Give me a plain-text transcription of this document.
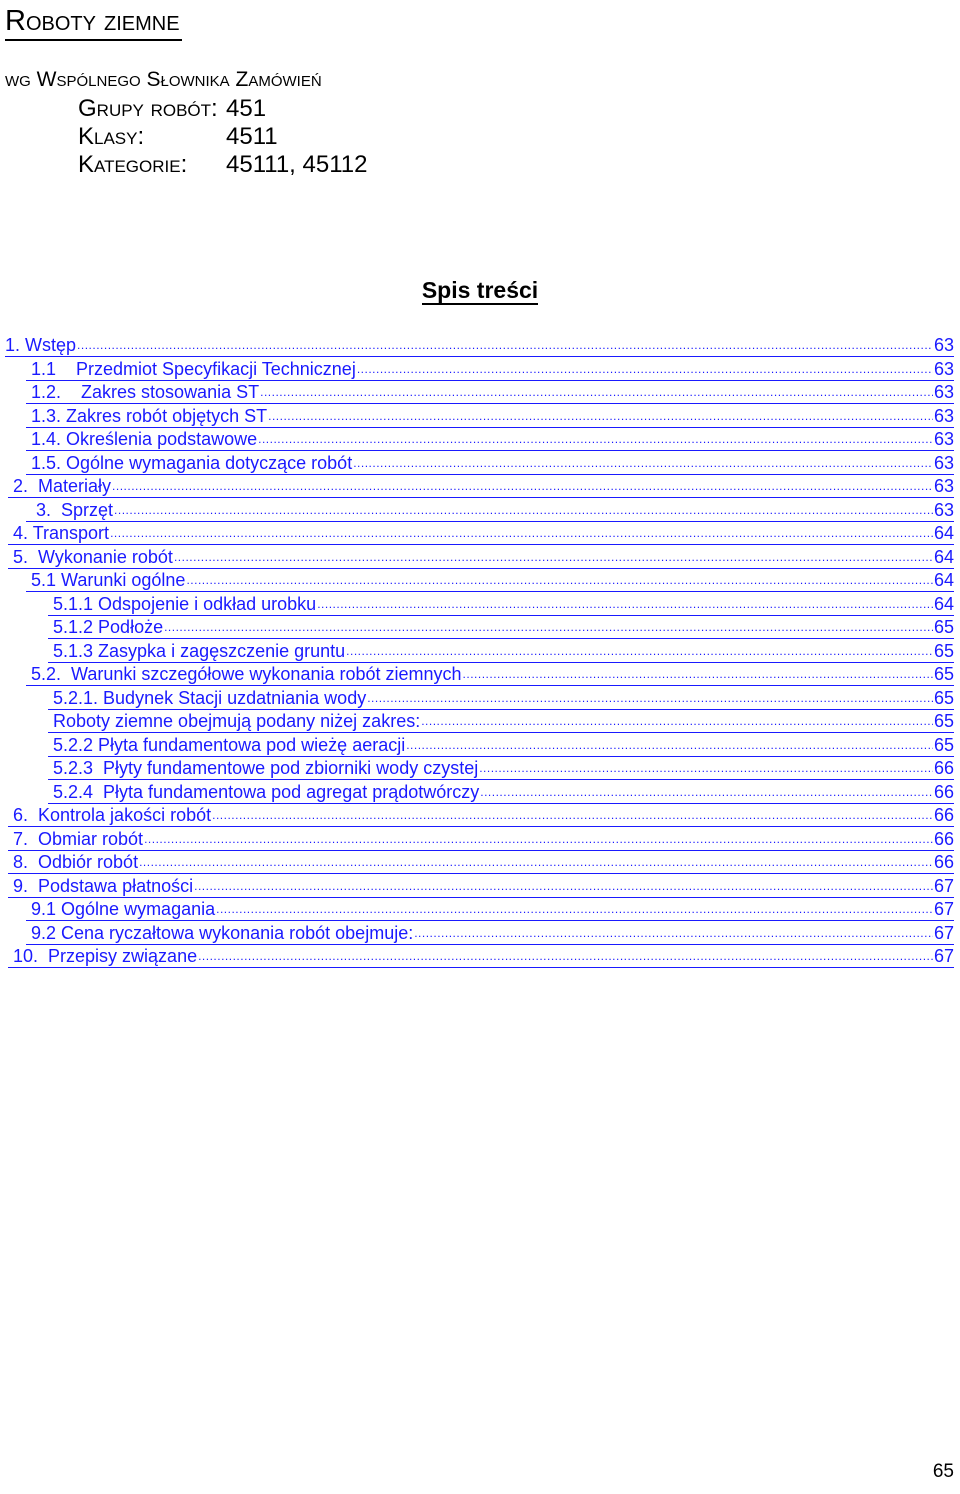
Roboty ziemne
wg Wspólnego Słownika Zamówień
Grupy robót: 451
Klasy:	4511
Kategorie: 45111, 45112
Spis treści
1. Wstęp .....	63
1.1    Przedmiot Specyfikacji Technicznej .....	63
1.2.    Zakres stosowania ST .....	63
1.3. Zakres robót objętych ST .....	63
1.4. Określenia podstawowe .....	63
1.5. Ogólne wymagania dotyczące robót .....	63
2.  Materiały .....	63
3.  Sprzęt .....	63
4. Transport .....	64
5.  Wykonanie robót .....	64
5.1 Warunki ogólne .....	64
5.1.1 Odspojenie i odkład urobku .....	64
5.1.2 Podłoże .....	65
5.1.3 Zasypka i zagęszczenie gruntu .....	65
5.2.  Warunki szczegółowe wykonania robót ziemnych .....	65
5.2.1. Budynek Stacji uzdatniania wody .....	65
Roboty ziemne obejmują podany niżej zakres: .....	65
5.2.2 Płyta fundamentowa pod wieżę aeracji .....	65
5.2.3  Płyty fundamentowe pod zbiorniki wody czystej .....	66
5.2.4  Płyta fundamentowa pod agregat prądotwórczy .....	66
6.  Kontrola jakości robót .....	66
7.  Obmiar robót .....	66
8.  Odbiór robót .....	66
9.  Podstawa płatności .....	67
9.1 Ogólne wymagania .....	67
9.2 Cena ryczałtowa wykonania robót obejmuje: .....	67
10.  Przepisy związane .....	67
65
